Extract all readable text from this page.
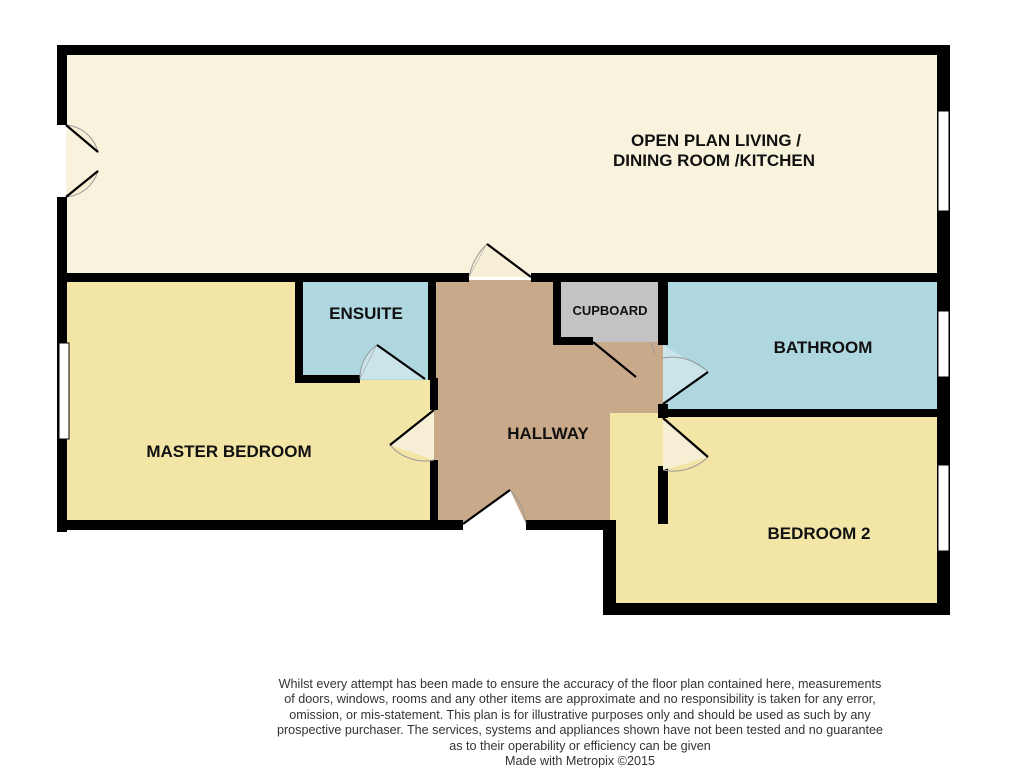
OPEN PLAN LIVING /
DINING ROOM /KITCHEN
ENSUITE	CUPBOARD
BATHROOM
HALLWAY
MASTER BEDROOM
BEDROOM 2

Whilst every attempt has been made to ensure the accuracy of the floor plan contained here, measurements

of doors, windows, rooms and any other items are approximate and no responsibility is taken for any error,

omission, or mis-statement. This plan is for illustrative purposes only and should be used as such by any

prospective purchaser. The services, systems and appliances shown have not been tested and no guarantee

as to their operability or efficiency can be given

Made with Metropix ©2015
